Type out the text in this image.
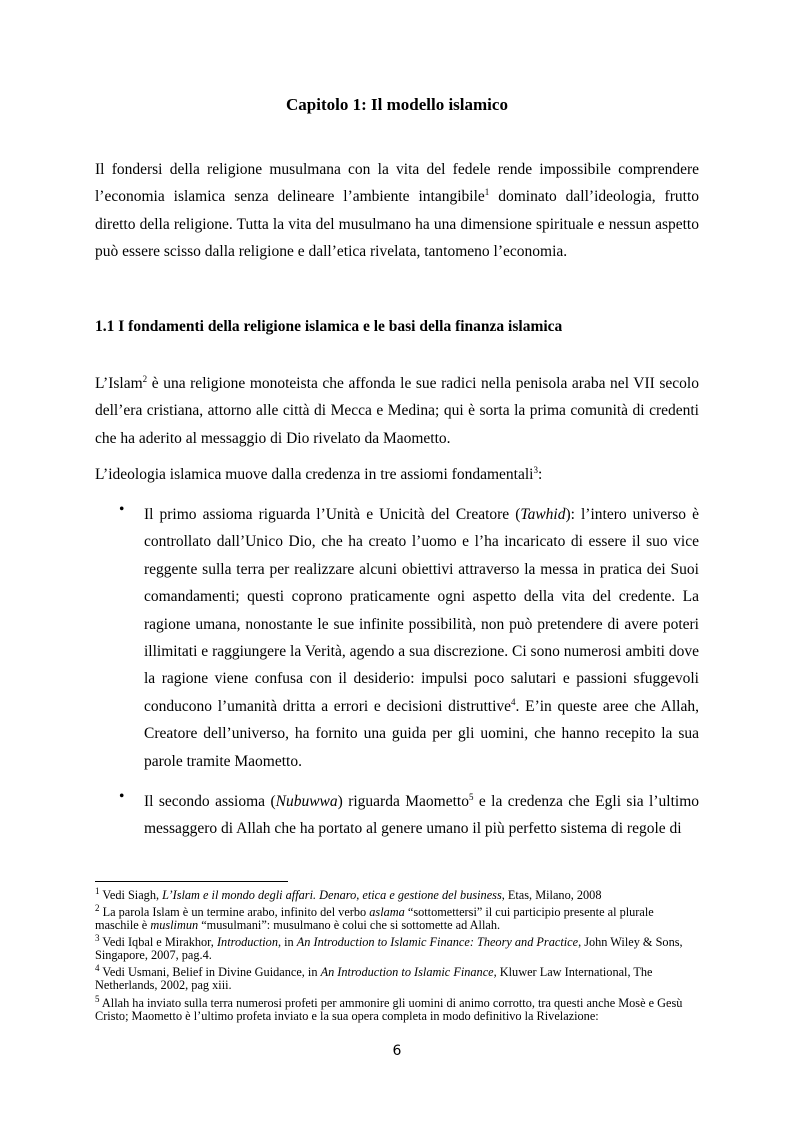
Capitolo 1: Il modello islamico

Il fondersi della religione musulmana con la vita del fedele rende impossibile comprendere l’economia islamica senza delineare l’ambiente intangibile$^1$ dominato dall’ideologia, frutto diretto della religione. Tutta la vita del musulmano ha una dimensione spirituale e nessun aspetto può essere scisso dalla religione e dall’etica rivelata, tantomeno l’economia.

1.1 I fondamenti della religione islamica e le basi della finanza islamica

L’Islam$^2$ è una religione monoteista che affonda le sue radici nella penisola araba nel VII secolo dell’era cristiana, attorno alle città di Mecca e Medina; qui è sorta la prima comunità di credenti che ha aderito al messaggio di Dio rivelato da Maometto.

L’ideologia islamica muove dalla credenza in tre assiomi fondamentali$^3$:

• Il primo assioma riguarda l’Unità e Unicità del Creatore (Tawhid): l’intero universo è controllato dall’Unico Dio, che ha creato l’uomo e l’ha incaricato di essere il suo vice reggente sulla terra per realizzare alcuni obiettivi attraverso la messa in pratica dei Suoi comandamenti; questi coprono praticamente ogni aspetto della vita del credente. La ragione umana, nonostante le sue infinite possibilità, non può pretendere di avere poteri illimitati e raggiungere la Verità, agendo a sua discrezione. Ci sono numerosi ambiti dove la ragione viene confusa con il desiderio: impulsi poco salutari e passioni sfuggevoli conducono l’umanità dritta a errori e decisioni distruttive$^4$. E’in queste aree che Allah, Creatore dell’universo, ha fornito una guida per gli uomini, che hanno recepito la sua parole tramite Maometto.

• Il secondo assioma (Nubuwwa) riguarda Maometto$^5$ e la credenza che Egli sia l’ultimo messaggero di Allah che ha portato al genere umano il più perfetto sistema di regole di

$^1$ Vedi Siagh, L’Islam e il mondo degli affari. Denaro, etica e gestione del business, Etas, Milano, 2008

$^2$ La parola Islam è un termine arabo, infinito del verbo aslama “sottomettersi” il cui participio presente al plurale maschile è muslimun “musulmani”: musulmano è colui che si sottomette ad Allah.

$^3$ Vedi Iqbal e Mirakhor, Introduction, in An Introduction to Islamic Finance: Theory and Practice, John Wiley & Sons, Singapore, 2007, pag.4.

$^4$ Vedi Usmani, Belief in Divine Guidance, in An Introduction to Islamic Finance, Kluwer Law International, The Netherlands, 2002, pag xiii.

$^5$ Allah ha inviato sulla terra numerosi profeti per ammonire gli uomini di animo corrotto, tra questi anche Mosè e Gesù Cristo; Maometto è l’ultimo profeta inviato e la sua opera completa in modo definitivo la Rivelazione:

6
